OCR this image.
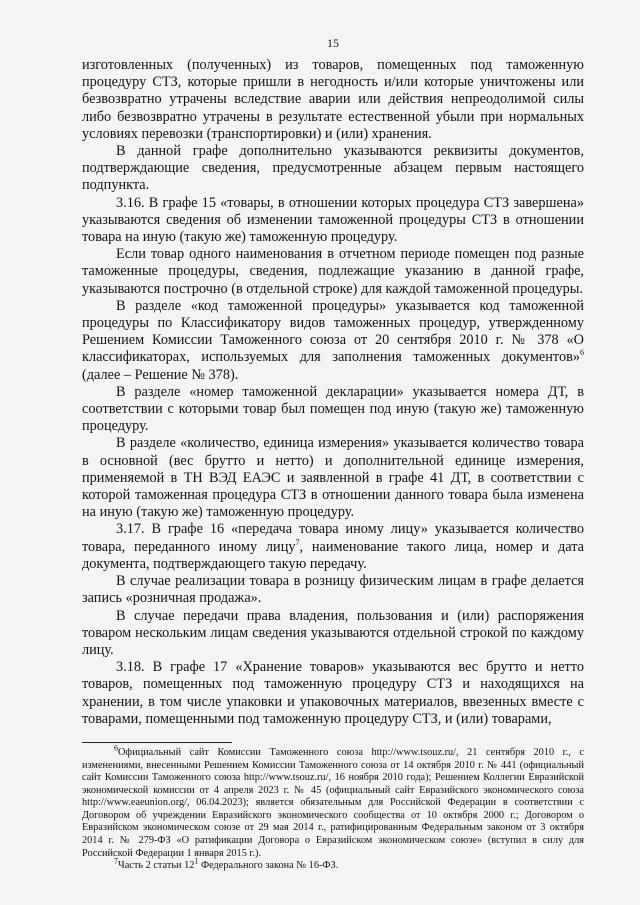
15

изготовленных (полученных) из товаров, помещенных под таможенную процедуру СТЗ, которые пришли в негодность и/или которые уничтожены или безвозвратно утрачены вследствие аварии или действия непреодолимой силы либо безвозвратно утрачены в результате естественной убыли при нормальных условиях перевозки (транспортировки) и (или) хранения.

В данной графе дополнительно указываются реквизиты документов, подтверждающие сведения, предусмотренные абзацем первым настоящего подпункта.

3.16. В графе 15 «товары, в отношении которых процедура СТЗ завершена» указываются сведения об изменении таможенной процедуры СТЗ в отношении товара на иную (такую же) таможенную процедуру.

Если товар одного наименования в отчетном периоде помещен под разные таможенные процедуры, сведения, подлежащие указанию в данной графе, указываются построчно (в отдельной строке) для каждой таможенной процедуры.

В разделе «код таможенной процедуры» указывается код таможенной процедуры по Классификатору видов таможенных процедур, утвержденному Решением Комиссии Таможенного союза от 20 сентября 2010 г. № 378 «О классификаторах, используемых для заполнения таможенных документов»$^6$ (далее – Решение № 378).

В разделе «номер таможенной декларации» указывается номера ДТ, в соответствии с которыми товар был помещен под иную (такую же) таможенную процедуру.

В разделе «количество, единица измерения» указывается количество товара в основной (вес брутто и нетто) и дополнительной единице измерения, применяемой в ТН ВЭД ЕАЭС и заявленной в графе 41 ДТ, в соответствии с которой таможенная процедура СТЗ в отношении данного товара была изменена на иную (такую же) таможенную процедуру.

3.17. В графе 16 «передача товара иному лицу» указывается количество товара, переданного иному лицу$^7$, наименование такого лица, номер и дата документа, подтверждающего такую передачу.

В случае реализации товара в розницу физическим лицам в графе делается запись «розничная продажа».

В случае передачи права владения, пользования и (или) распоряжения товаром нескольким лицам сведения указываются отдельной строкой по каждому лицу.

3.18. В графе 17 «Хранение товаров» указываются вес брутто и нетто товаров, помещенных под таможенную процедуру СТЗ и находящихся на хранении, в том числе упаковки и упаковочных материалов, ввезенных вместе с товарами, помещенными под таможенную процедуру СТЗ, и (или) товарами,

$^6$Официальный сайт Комиссии Таможенного союза http://www.tsouz.ru/, 21 сентября 2010 г., с изменениями, внесенными Решением Комиссии Таможенного союза от 14 октября 2010 г. № 441 (официальный сайт Комиссии Таможенного союза http://www.tsouz.ru/, 16 ноября 2010 года); Решением Коллегии Евразийской экономической комиссии от 4 апреля 2023 г. № 45 (официальный сайт Евразийского экономического союза http://www.eaeunion.org/, 06.04.2023); является обязательным для Российской Федерации в соответствии с Договором об учреждении Евразийского экономического сообщества от 10 октября 2000 г.; Договором о Евразийском экономическом союзе от 29 мая 2014 г., ратифицированным Федеральным законом от 3 октября 2014 г. № 279-ФЗ «О ратификации Договора о Евразийском экономическом союзе» (вступил в силу для Российской Федерации 1 января 2015 г.).

$^7$Часть 2 статьи $12^1$ Федерального закона № 16-ФЗ.
